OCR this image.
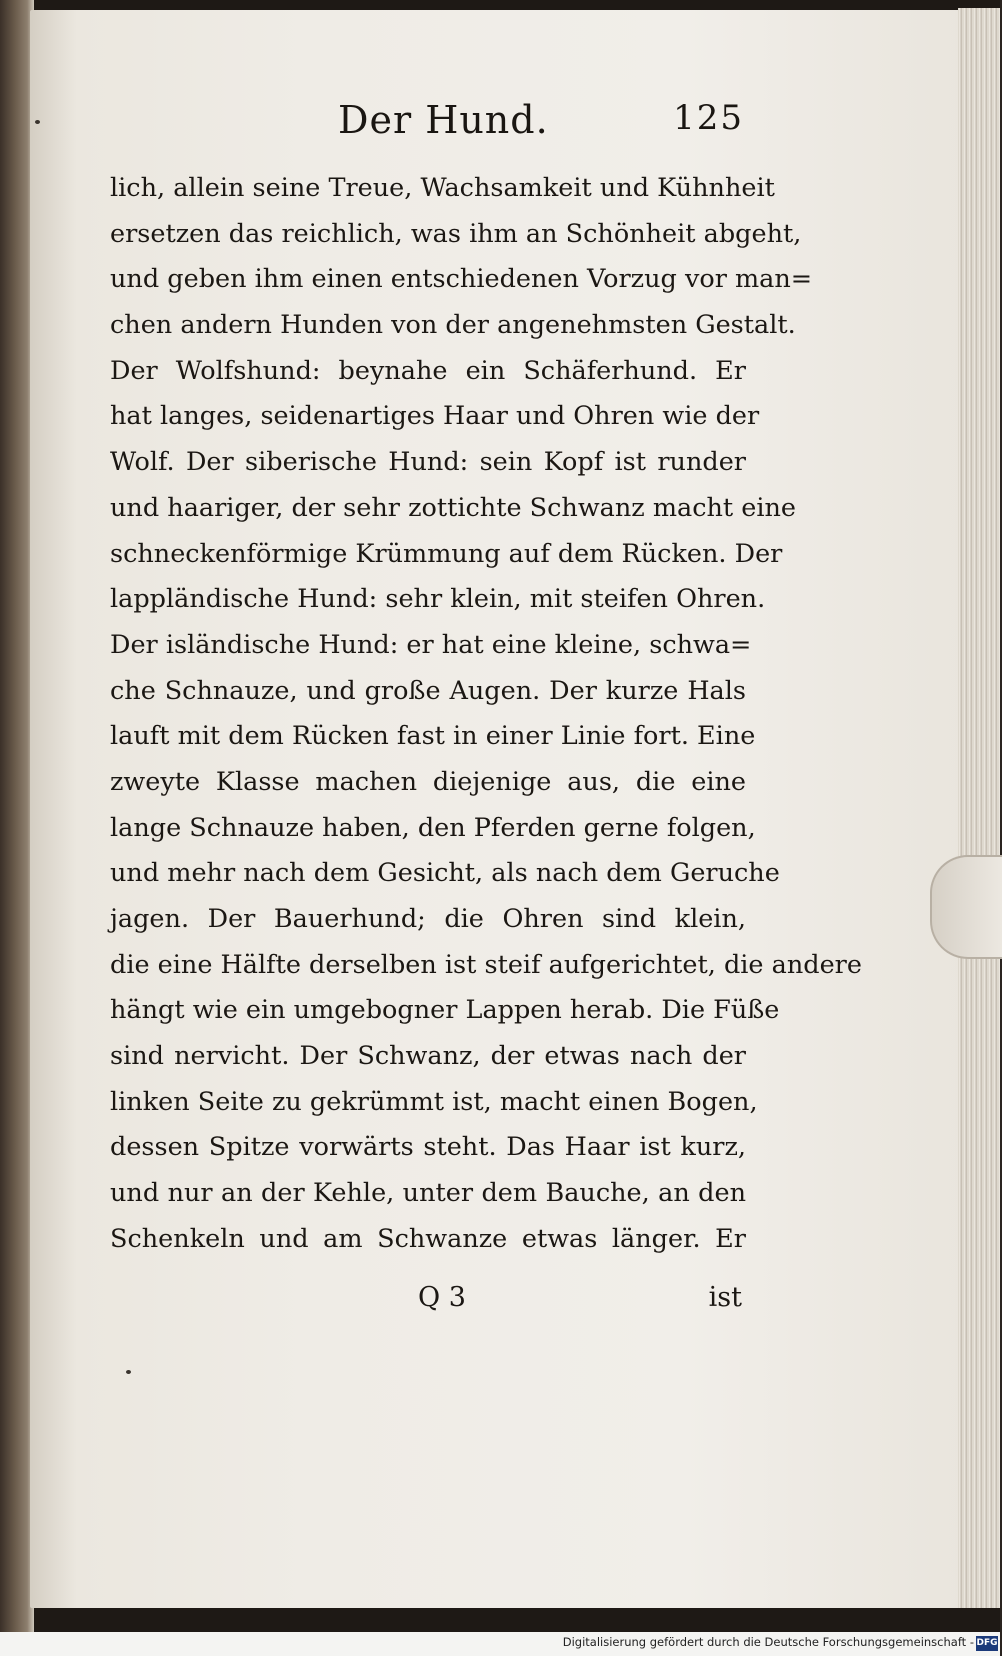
Der Hund.	125
lich, allein seine Treue, Wachsamkeit und Kühnheit
ersetzen das reichlich, was ihm an Schönheit abgeht,
und geben ihm einen entschiedenen Vorzug vor man=
chen andern Hunden von der angenehmsten Gestalt.
Der Wolfshund: beynahe ein Schäferhund. Er
hat langes, seidenartiges Haar und Ohren wie der
Wolf. Der siberische Hund: sein Kopf ist runder
und haariger, der sehr zottichte Schwanz macht eine
schneckenförmige Krümmung auf dem Rücken. Der
lappländische Hund: sehr klein, mit steifen Ohren.
Der isländische Hund: er hat eine kleine, schwa=
che Schnauze, und große Augen. Der kurze Hals
lauft mit dem Rücken fast in einer Linie fort. Eine
zweyte Klasse machen diejenige aus, die eine
lange Schnauze haben, den Pferden gerne folgen,
und mehr nach dem Gesicht, als nach dem Geruche
jagen. Der Bauerhund; die Ohren sind klein,
die eine Hälfte derselben ist steif aufgerichtet, die andere
hängt wie ein umgebogner Lappen herab. Die Füße
sind nervicht. Der Schwanz, der etwas nach der
linken Seite zu gekrümmt ist, macht einen Bogen,
dessen Spitze vorwärts steht. Das Haar ist kurz,
und nur an der Kehle, unter dem Bauche, an den
Schenkeln und am Schwanze etwas länger. Er
Q 3	ist
Digitalisierung gefördert durch die Deutsche Forschungsgemeinschaft - DFG
